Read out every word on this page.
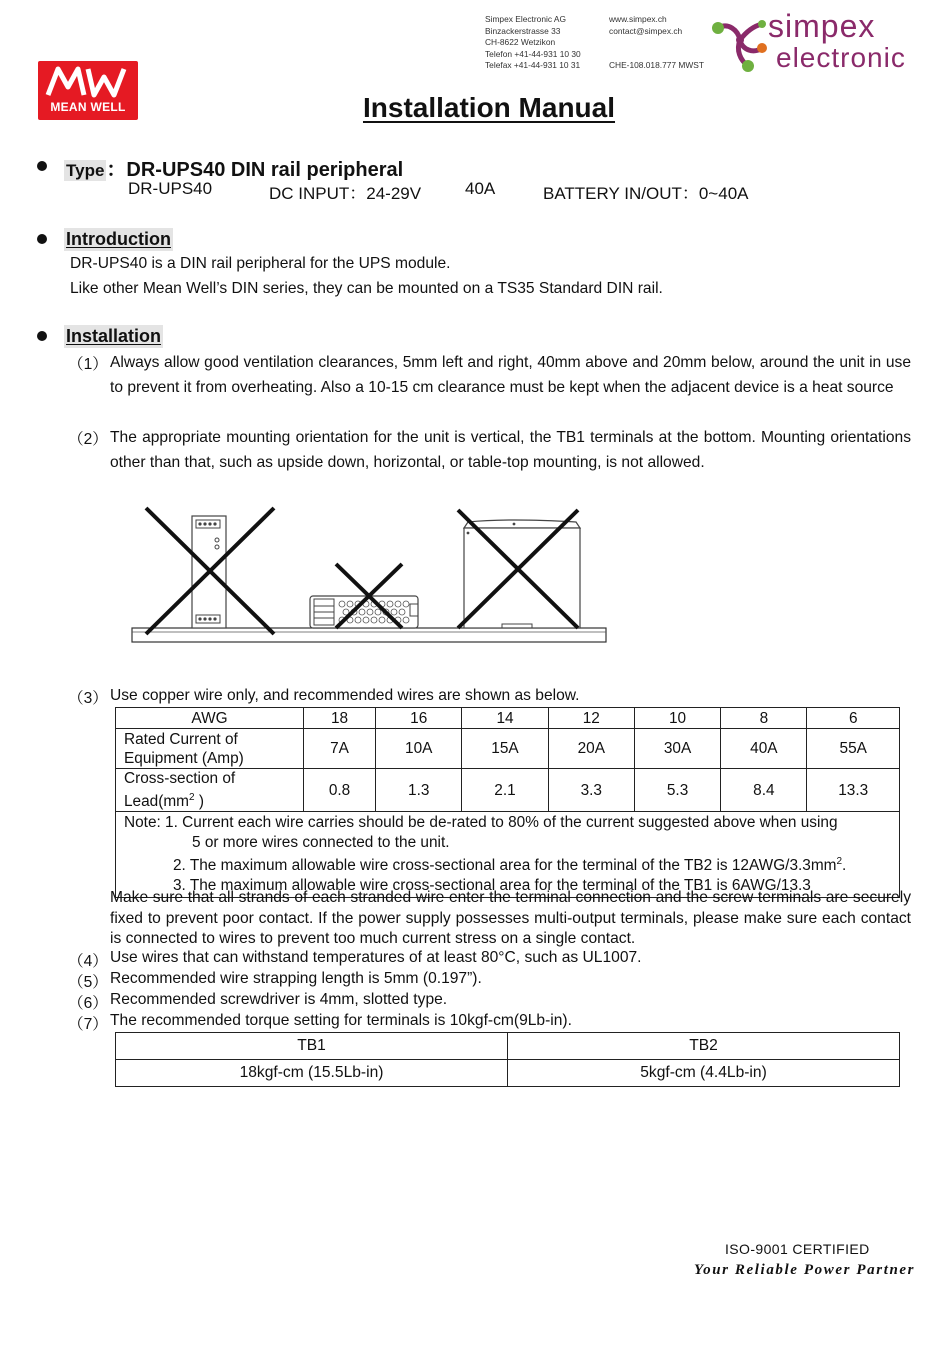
MEAN WELL
Simpex Electronic AG
Binzackerstrasse 33
CH-8622 Wetzikon
Telefon +41-44-931 10 30
Telefax +41-44-931 10 31
www.simpex.ch
contact@simpex.ch

CHE-108.018.777 MWST
simpex
electronic
Installation Manual
Type ：DR-UPS40 DIN rail peripheral
DR-UPS40	DC INPUT：24-29V	40A	BATTERY IN/OUT：0~40A
Introduction
DR-UPS40 is a DIN rail peripheral for the UPS module.
Like other Mean Well’s DIN series, they can be mounted on a TS35 Standard DIN rail.
Installation
（1） Always allow good ventilation clearances, 5mm left and right, 40mm above and 20mm below, around the unit in use to prevent it from overheating. Also a 10-15 cm clearance must be kept when the adjacent device is a heat source
（2） The appropriate mounting orientation for the unit is vertical, the TB1 terminals at the bottom. Mounting orientations other than that, such as upside down, horizontal, or table-top mounting, is not allowed.
（3） Use copper wire only, and recommended wires are shown as below.
AWG	18	16	14	12	10	8	6

Rated Current of
Equipment (Amp)	7A	10A	15A	20A	30A	40A	55A

Cross-section of
$Lead(mm^2$ )	0.8	1.3	2.1	3.3	5.3	8.4	13.3

Note: 1. Current each wire carries should be de-rated to 80% of the current suggested above when using
5 or more wires connected to the unit.
2. The maximum allowable wire cross-sectional area for the terminal of the TB2 is $12AWG/3.3mm^2$.
3. The maximum allowable wire cross-sectional area for the terminal of the TB1 is 6AWG/13.3							
Make sure that all strands of each stranded wire enter the terminal connection and the screw terminals are securely fixed to prevent poor contact. If the power supply possesses multi-output terminals, please make sure each contact is connected to wires to prevent too much current stress on a single contact.
（4） Use wires that can withstand temperatures of at least 80°C, such as UL1007.
（5） Recommended wire strapping length is 5mm (0.197”).
（6） Recommended screwdriver is 4mm, slotted type.
（7） The recommended torque setting for terminals is 10kgf-cm(9Lb-in).
TB1	TB2
18kgf-cm (15.5Lb-in)	5kgf-cm (4.4Lb-in)
ISO-9001 CERTIFIED
Your Reliable Power Partner
